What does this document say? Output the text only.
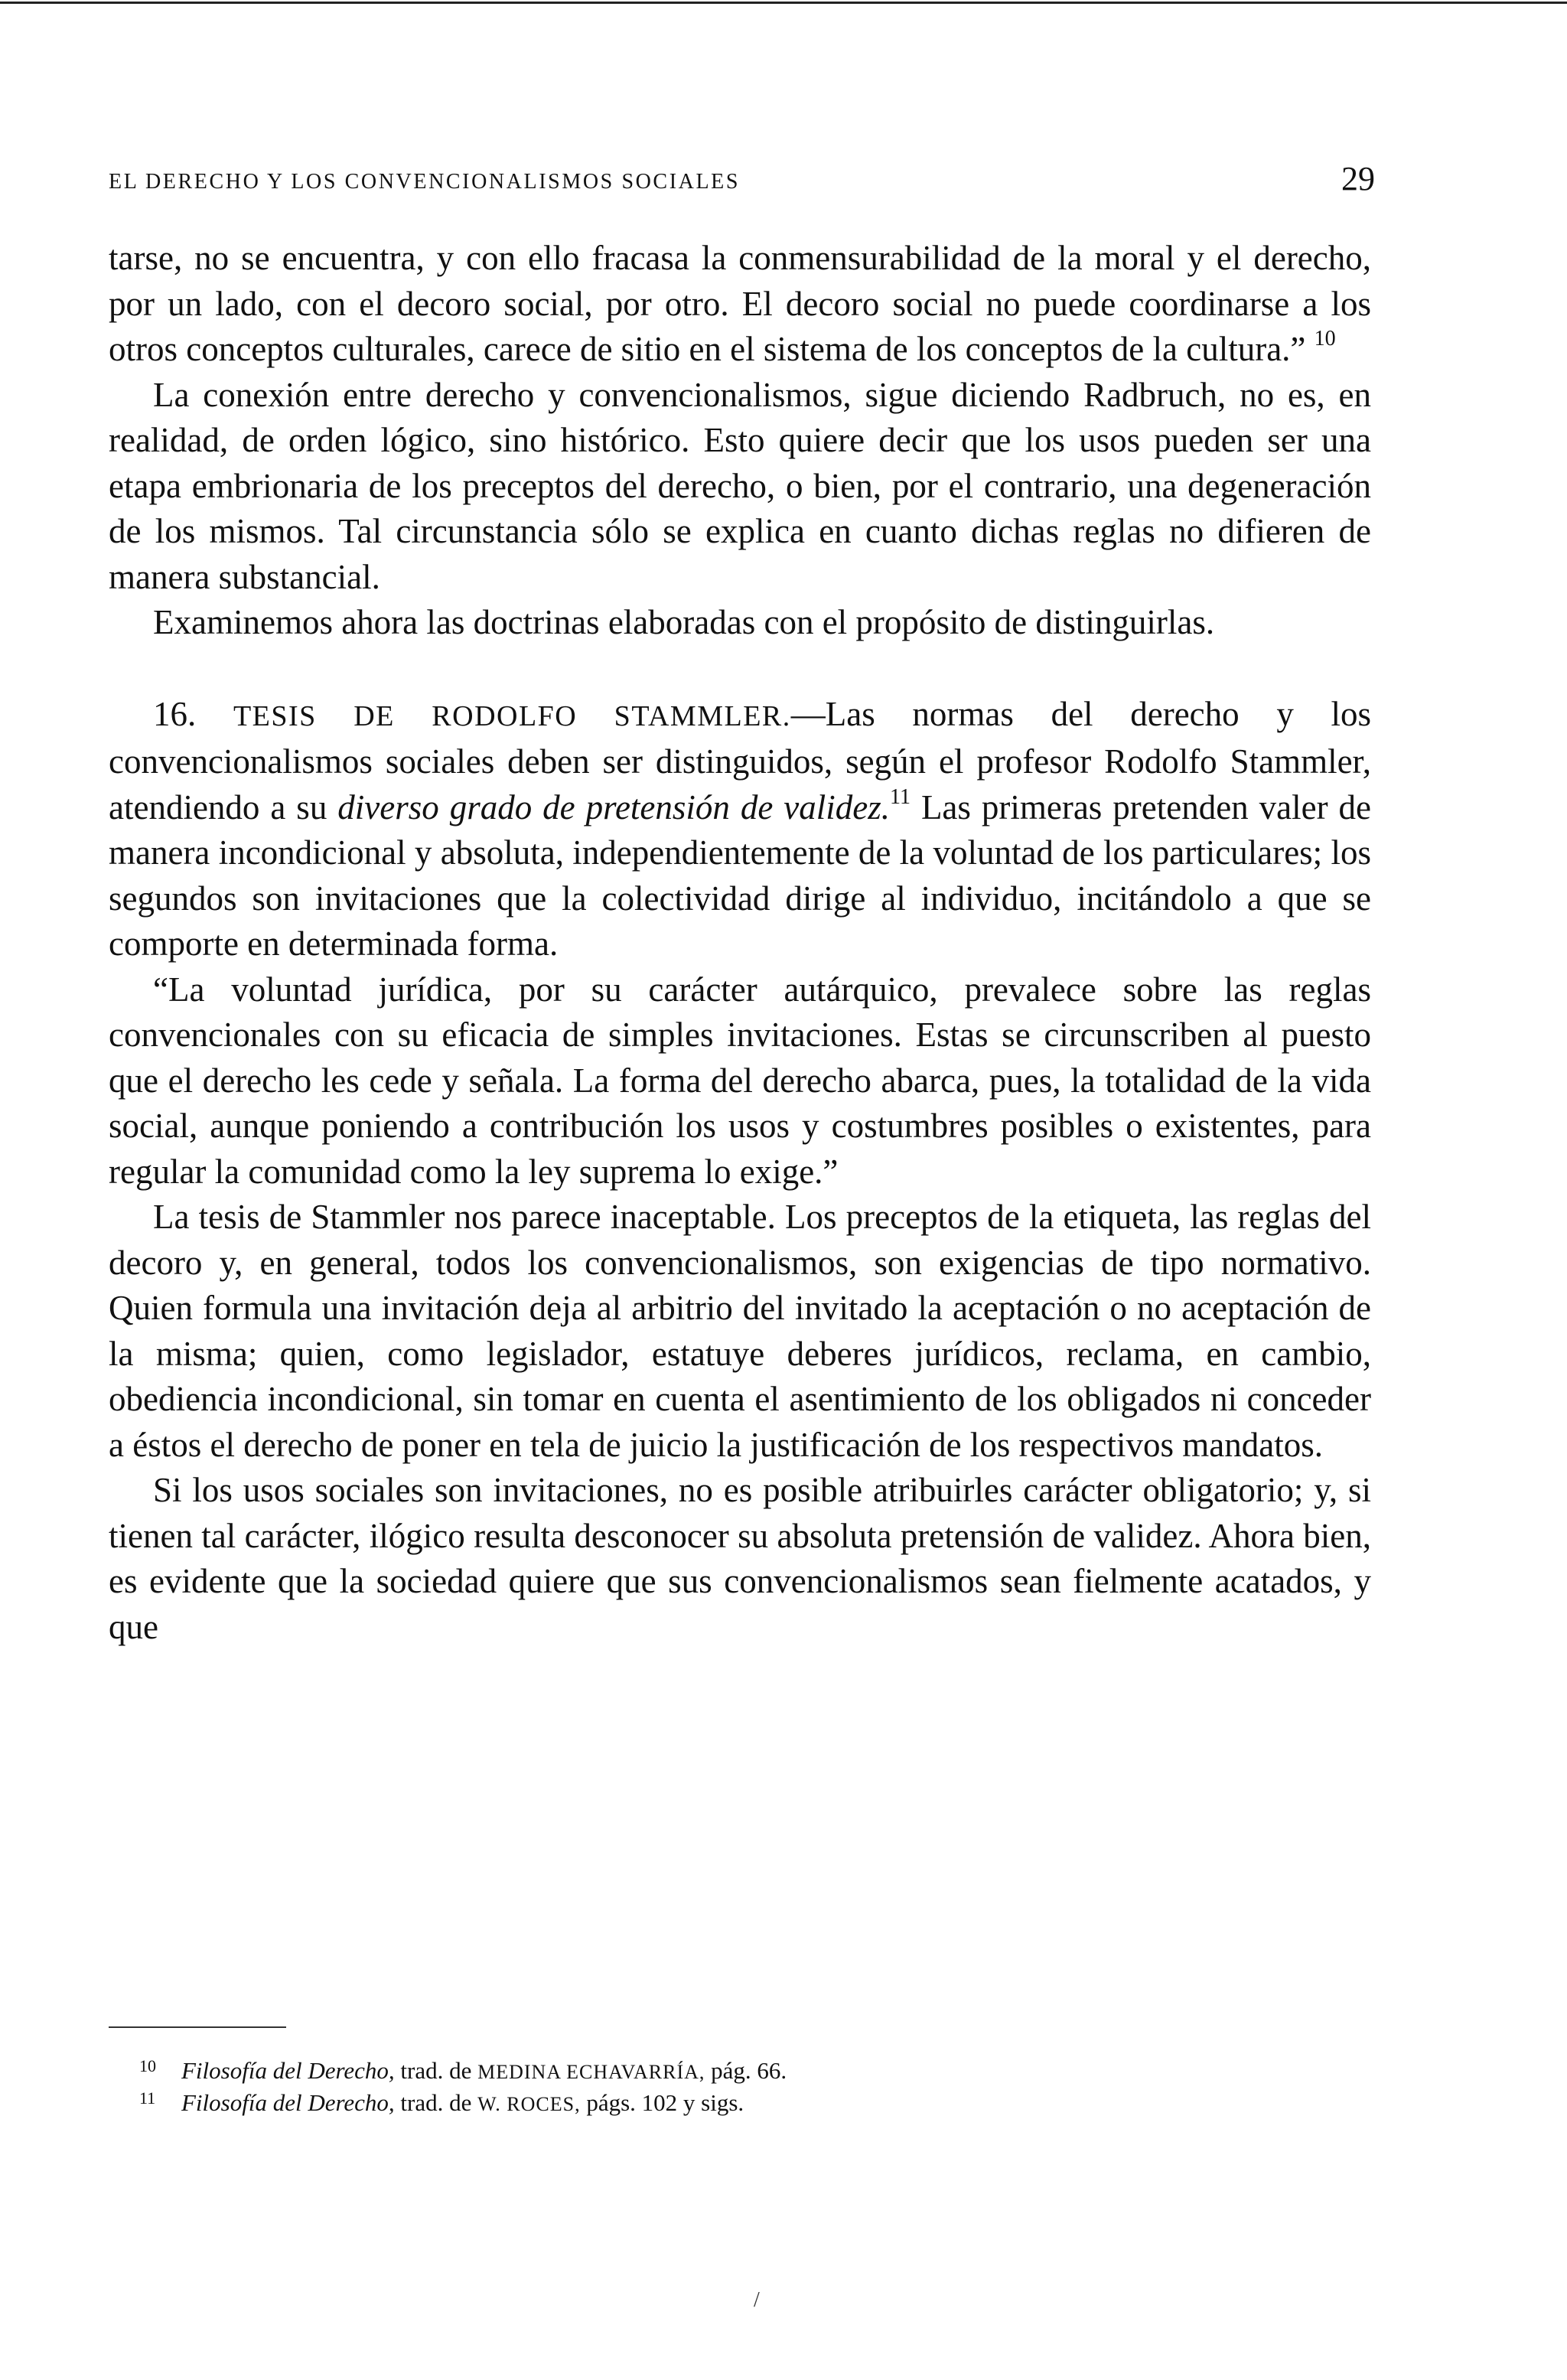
EL DERECHO Y LOS CONVENCIONALISMOS SOCIALES	29

tarse, no se encuentra, y con ello fracasa la conmensurabilidad de la moral y el derecho, por un lado, con el decoro social, por otro. El decoro social no puede coordinarse a los otros conceptos culturales, carece de sitio en el sistema de los conceptos de la cultura.” $^{10}$

La conexión entre derecho y convencionalismos, sigue diciendo Radbruch, no es, en realidad, de orden lógico, sino histórico. Esto quiere decir que los usos pueden ser una etapa embrionaria de los preceptos del derecho, o bien, por el contrario, una degeneración de los mismos. Tal circunstancia sólo se explica en cuanto dichas reglas no difieren de manera substancial.

Examinemos ahora las doctrinas elaboradas con el propósito de distinguirlas.

16. TESIS DE RODOLFO STAMMLER.—Las normas del derecho y los convencionalismos sociales deben ser distinguidos, según el profesor Rodolfo Stammler, atendiendo a su diverso grado de pretensión de validez.$^{11}$ Las primeras pretenden valer de manera incondicional y absoluta, independientemente de la voluntad de los particulares; los segundos son invitaciones que la colectividad dirige al individuo, incitándolo a que se comporte en determinada forma.

“La voluntad jurídica, por su carácter autárquico, prevalece sobre las reglas convencionales con su eficacia de simples invitaciones. Estas se circunscriben al puesto que el derecho les cede y señala. La forma del derecho abarca, pues, la totalidad de la vida social, aunque poniendo a contribución los usos y costumbres posibles o existentes, para regular la comunidad como la ley suprema lo exige.”

La tesis de Stammler nos parece inaceptable. Los preceptos de la etiqueta, las reglas del decoro y, en general, todos los convencionalismos, son exigencias de tipo normativo. Quien formula una invitación deja al arbitrio del invitado la aceptación o no aceptación de la misma; quien, como legislador, estatuye deberes jurídicos, reclama, en cambio, obediencia incondicional, sin tomar en cuenta el asentimiento de los obligados ni conceder a éstos el derecho de poner en tela de juicio la justificación de los respectivos mandatos.

Si los usos sociales son invitaciones, no es posible atribuirles carácter obligatorio; y, si tienen tal carácter, ilógico resulta desconocer su absoluta pretensión de validez. Ahora bien, es evidente que la sociedad quiere que sus convencionalismos sean fielmente acatados, y que

10 Filosofía del Derecho, trad. de MEDINA ECHAVARRÍA, pág. 66.
11 Filosofía del Derecho, trad. de W. ROCES, págs. 102 y sigs.
/
